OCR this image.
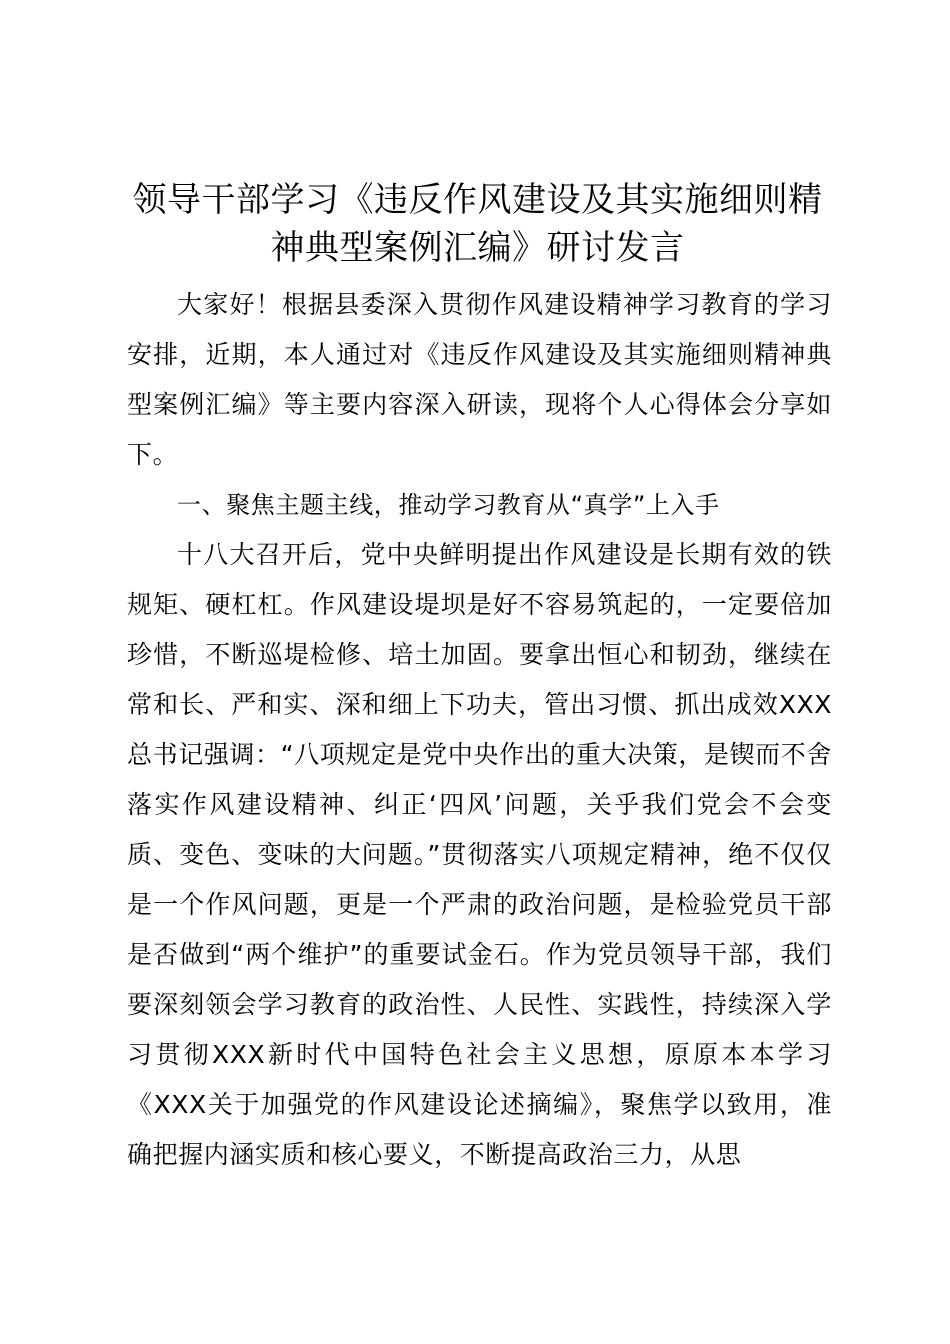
领导干部学习《违反作风建设及其实施细则精神典型案例汇编》研讨发言

大家好！根据县委深入贯彻作风建设精神学习教育的学习安排，近期，本人通过对《违反作风建设及其实施细则精神典型案例汇编》等主要内容深入研读，现将个人心得体会分享如下。

一、聚焦主题主线，推动学习教育从“真学”上入手

十八大召开后，党中央鲜明提出作风建设是长期有效的铁规矩、硬杠杠。作风建设堤坝是好不容易筑起的，一定要倍加珍惜，不断巡堤检修、培土加固。要拿出恒心和韧劲，继续在常和长、严和实、深和细上下功夫，管出习惯、抓出成效XXX总书记强调：“八项规定是党中央作出的重大决策，是锲而不舍落实作风建设精神、纠正‘四风’问题，关乎我们党会不会变质、变色、变味的大问题。”贯彻落实八项规定精神，绝不仅仅是一个作风问题，更是一个严肃的政治问题，是检验党员干部是否做到“两个维护”的重要试金石。作为党员领导干部，我们要深刻领会学习教育的政治性、人民性、实践性，持续深入学习贯彻XXX新时代中国特色社会主义思想，原原本本学习《XXX关于加强党的作风建设论述摘编》，聚焦学以致用，准确把握内涵实质和核心要义，不断提高政治三力，从思
